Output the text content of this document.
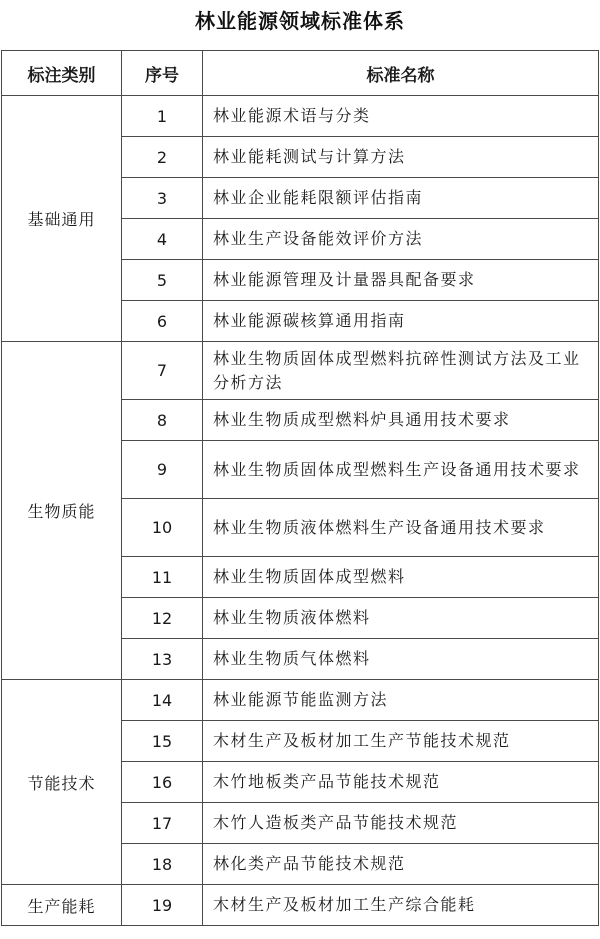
林业能源领域标准体系
标注类别	序号	标准名称
基础通用	1	林业能源术语与分类
	2	林业能耗测试与计算方法
	3	林业企业能耗限额评估指南
	4	林业生产设备能效评价方法
	5	林业能源管理及计量器具配备要求
	6	林业能源碳核算通用指南
生物质能	7	林业生物质固体成型燃料抗碎性测试方法及工业分析方法
	8	林业生物质成型燃料炉具通用技术要求
	9	林业生物质固体成型燃料生产设备通用技术要求
	10	林业生物质液体燃料生产设备通用技术要求
	11	林业生物质固体成型燃料
	12	林业生物质液体燃料
	13	林业生物质气体燃料
节能技术	14	林业能源节能监测方法
	15	木材生产及板材加工生产节能技术规范
	16	木竹地板类产品节能技术规范
	17	木竹人造板类产品节能技术规范
	18	林化类产品节能技术规范
生产能耗	19	木材生产及板材加工生产综合能耗
